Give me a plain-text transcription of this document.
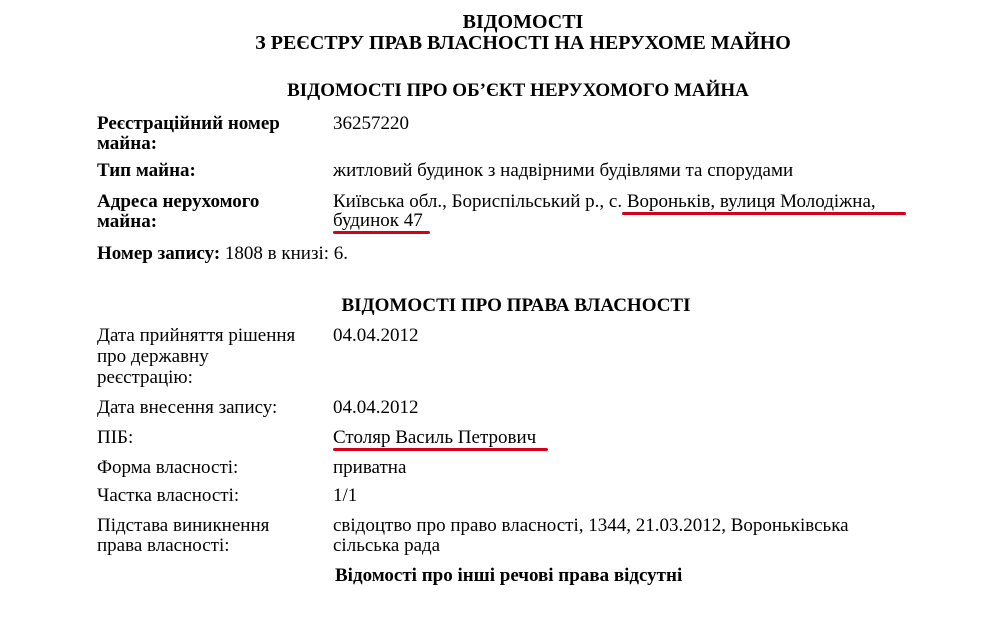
ВІДОМОСТІ
З РЕЄСТРУ ПРАВ ВЛАСНОСТІ НА НЕРУХОМЕ МАЙНО
ВІДОМОСТІ ПРО ОБ’ЄКТ НЕРУХОМОГО МАЙНА
Реєстраційний номер
майна:
36257220
Тип майна:	житловий будинок з надвірними будівлями та спорудами
Адреса нерухомого
майна:
Київська обл., Бориспільський р., с. Вороньків, вулиця Молодіжна,
будинок 47
Номер запису: 1808 в книзі: 6.
ВІДОМОСТІ ПРО ПРАВА ВЛАСНОСТІ
Дата прийняття рішення
про державну
реєстрацію:
04.04.2012
Дата внесення запису:	04.04.2012
ПІБ:	Столяр Василь Петрович
Форма власності:	приватна
Частка власності:	1/1
Підстава виникнення
права власності:
свідоцтво про право власності, 1344, 21.03.2012, Вороньківська
сільська рада
Відомості про інші речові права відсутні
